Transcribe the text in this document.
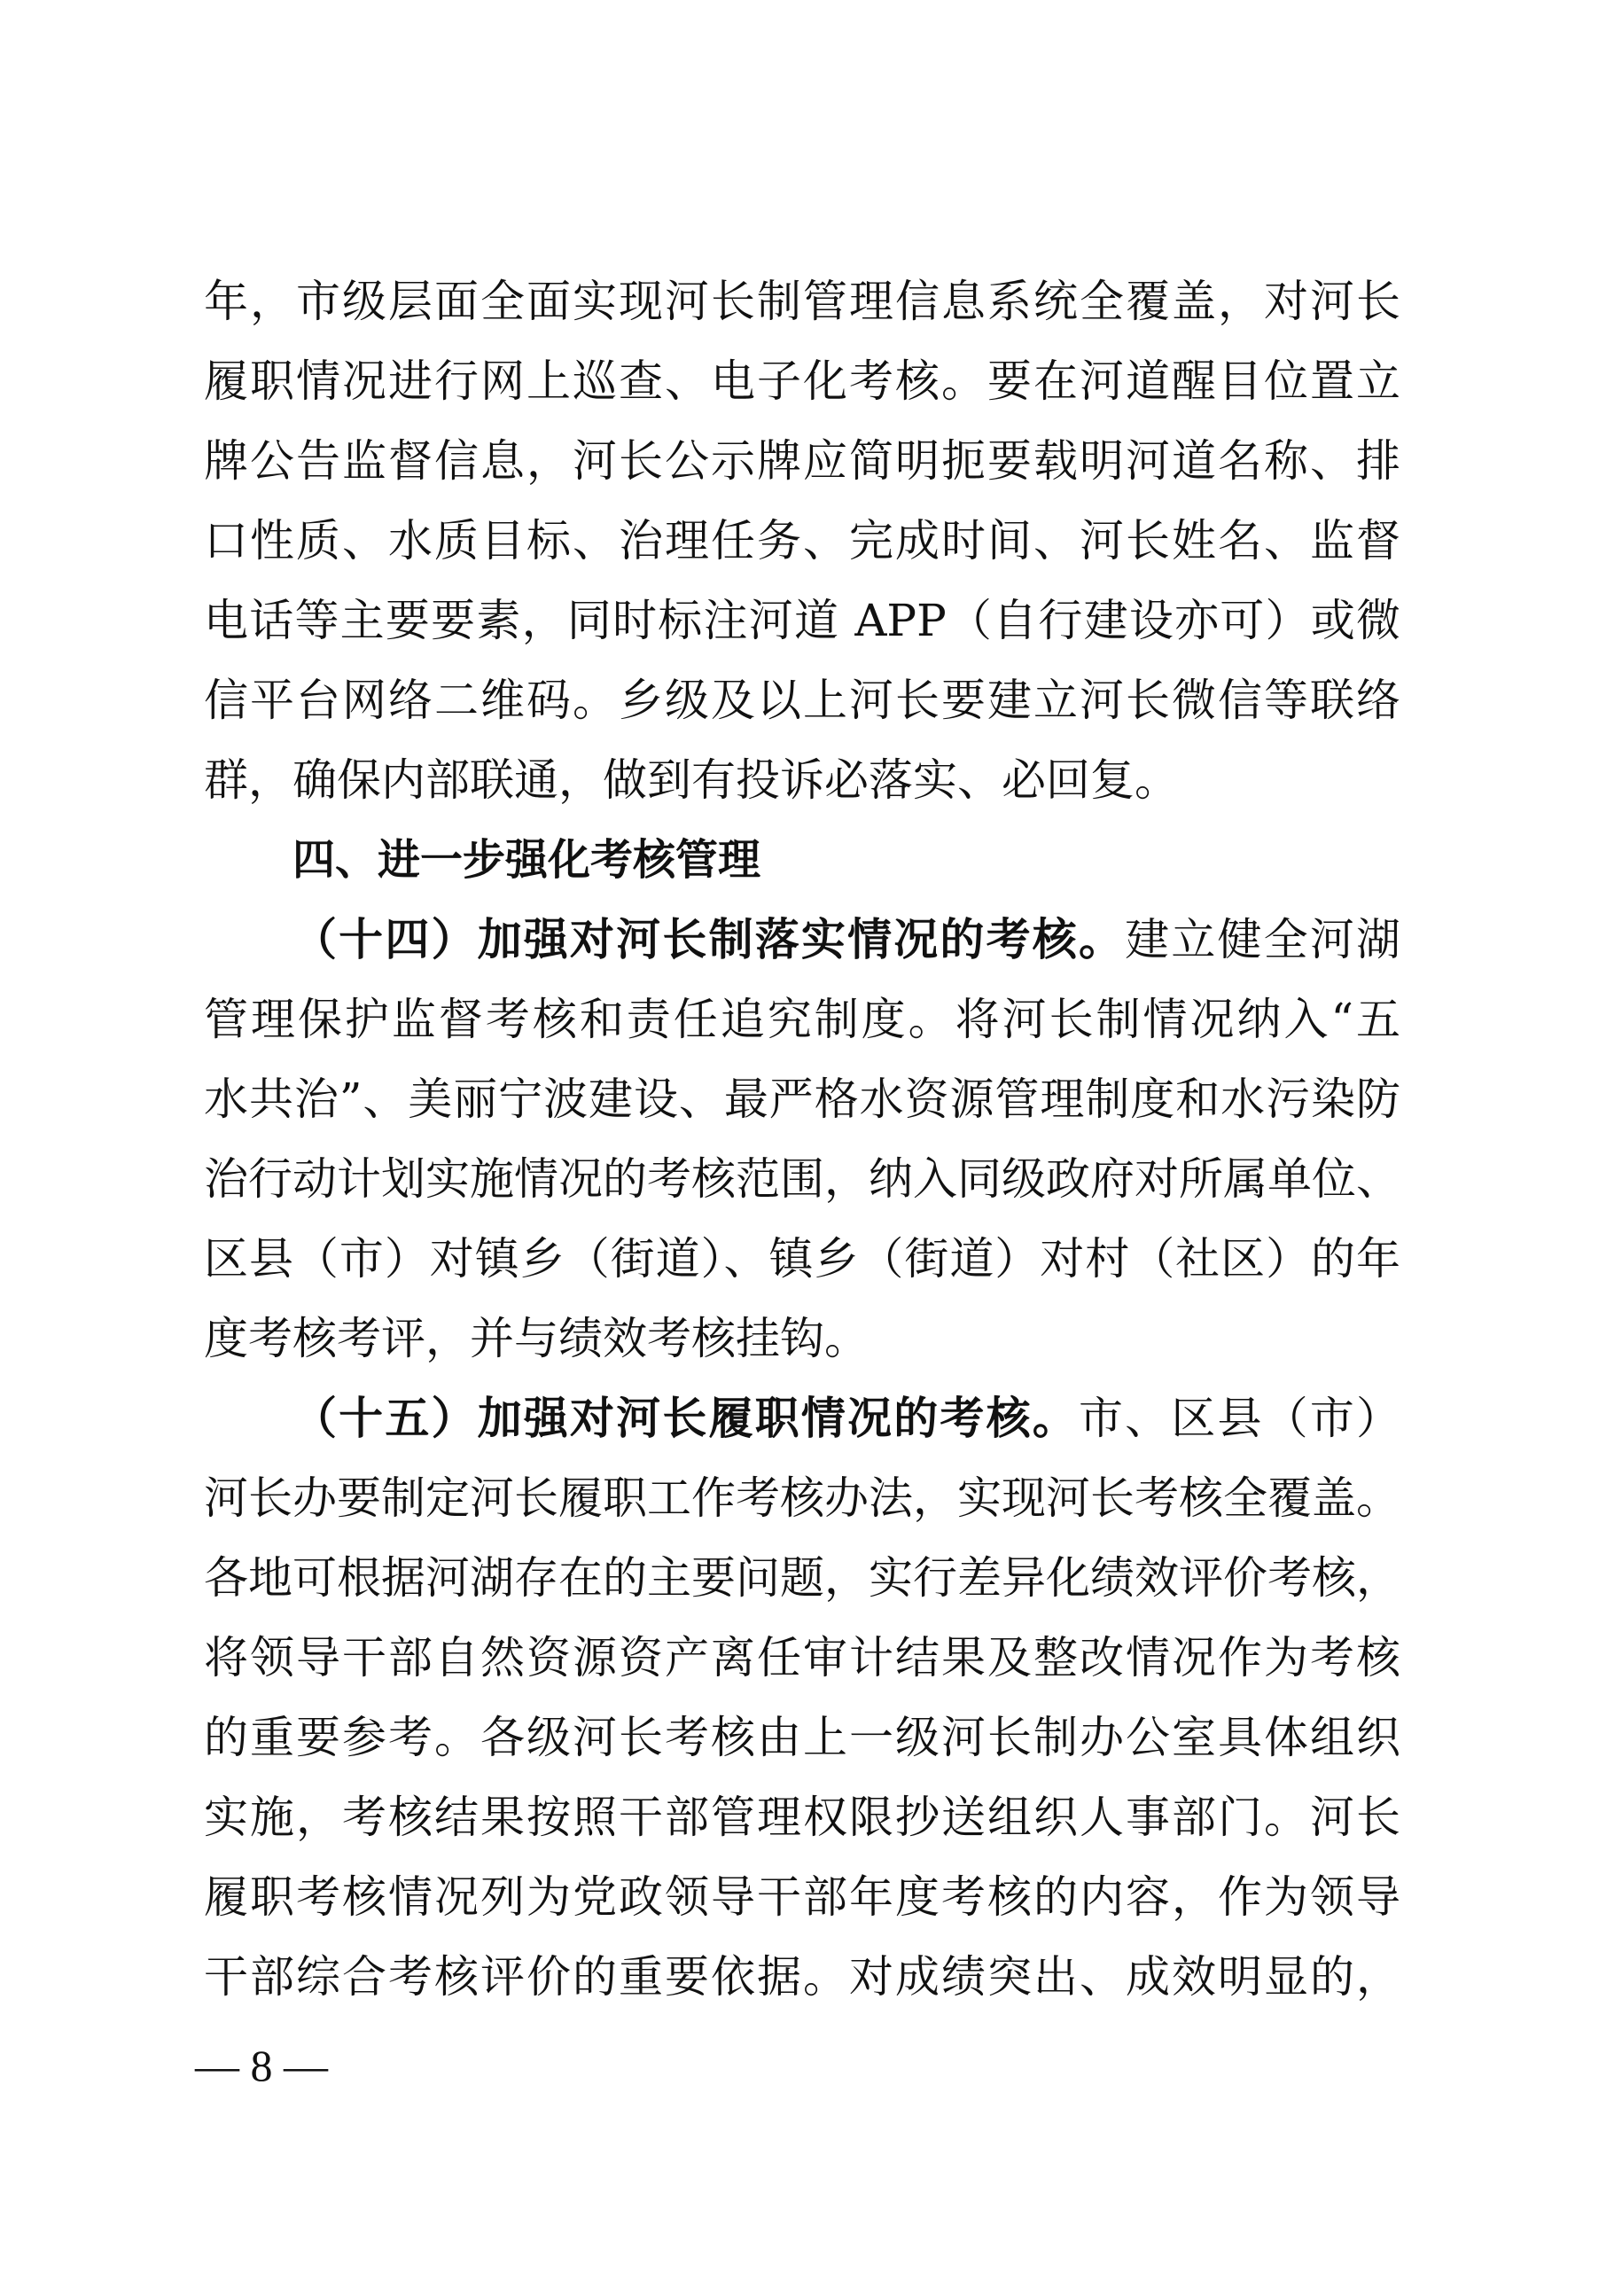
年，市级层面全面实现河长制管理信息系统全覆盖，对河长
履职情况进行网上巡查、电子化考核。要在河道醒目位置立
牌公告监督信息，河长公示牌应简明扼要载明河道名称、排
口性质、水质目标、治理任务、完成时间、河长姓名、监督
电话等主要要素，同时标注河道 APP（自行建设亦可）或微
信平台网络二维码。乡级及以上河长要建立河长微信等联络
群，确保内部联通，做到有投诉必落实、必回复。
四、进一步强化考核管理
（十四）加强对河长制落实情况的考核。建立健全河湖
管理保护监督考核和责任追究制度。将河长制情况纳入“五
水共治”、美丽宁波建设、最严格水资源管理制度和水污染防
治行动计划实施情况的考核范围，纳入同级政府对所属单位、
区县（市）对镇乡（街道）、镇乡（街道）对村（社区）的年
度考核考评，并与绩效考核挂钩。
（十五）加强对河长履职情况的考核。市、区县（市）
河长办要制定河长履职工作考核办法，实现河长考核全覆盖。
各地可根据河湖存在的主要问题，实行差异化绩效评价考核，
将领导干部自然资源资产离任审计结果及整改情况作为考核
的重要参考。各级河长考核由上一级河长制办公室具体组织
实施，考核结果按照干部管理权限抄送组织人事部门。河长
履职考核情况列为党政领导干部年度考核的内容，作为领导
干部综合考核评价的重要依据。对成绩突出、成效明显的，
— 8 —
